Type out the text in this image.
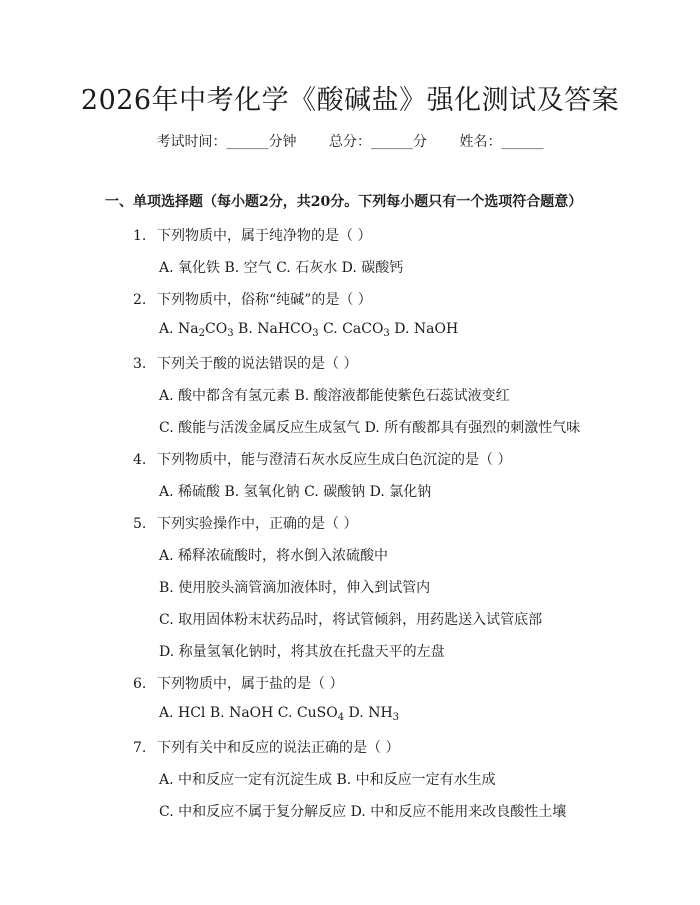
2026年中考化学《酸碱盐》强化测试及答案
考试时间：______分钟 总分：______分 姓名：______
一、单项选择题（每小题2分，共20分。下列每小题只有一个选项符合题意）
1. 下列物质中，属于纯净物的是（ ）
A. 氧化铁 B. 空气 C. 石灰水 D. 碳酸钙
2. 下列物质中，俗称“纯碱”的是（ ）
A. $Na_2CO_3$ B. NaHCO$_3$ C. CaCO$_3$ D. NaOH
3. 下列关于酸的说法错误的是（ ）
A. 酸中都含有氢元素 B. 酸溶液都能使紫色石蕊试液变红
C. 酸能与活泼金属反应生成氢气 D. 所有酸都具有强烈的刺激性气味
4. 下列物质中，能与澄清石灰水反应生成白色沉淀的是（ ）
A. 稀硫酸 B. 氢氧化钠 C. 碳酸钠 D. 氯化钠
5. 下列实验操作中，正确的是（ ）
A. 稀释浓硫酸时，将水倒入浓硫酸中
B. 使用胶头滴管滴加液体时，伸入到试管内
C. 取用固体粉末状药品时，将试管倾斜，用药匙送入试管底部
D. 称量氢氧化钠时，将其放在托盘天平的左盘
6. 下列物质中，属于盐的是（ ）
A. HCl B. NaOH C. CuSO$_4$ D. $NH_3$
7. 下列有关中和反应的说法正确的是（ ）
A. 中和反应一定有沉淀生成 B. 中和反应一定有水生成
C. 中和反应不属于复分解反应 D. 中和反应不能用来改良酸性土壤
